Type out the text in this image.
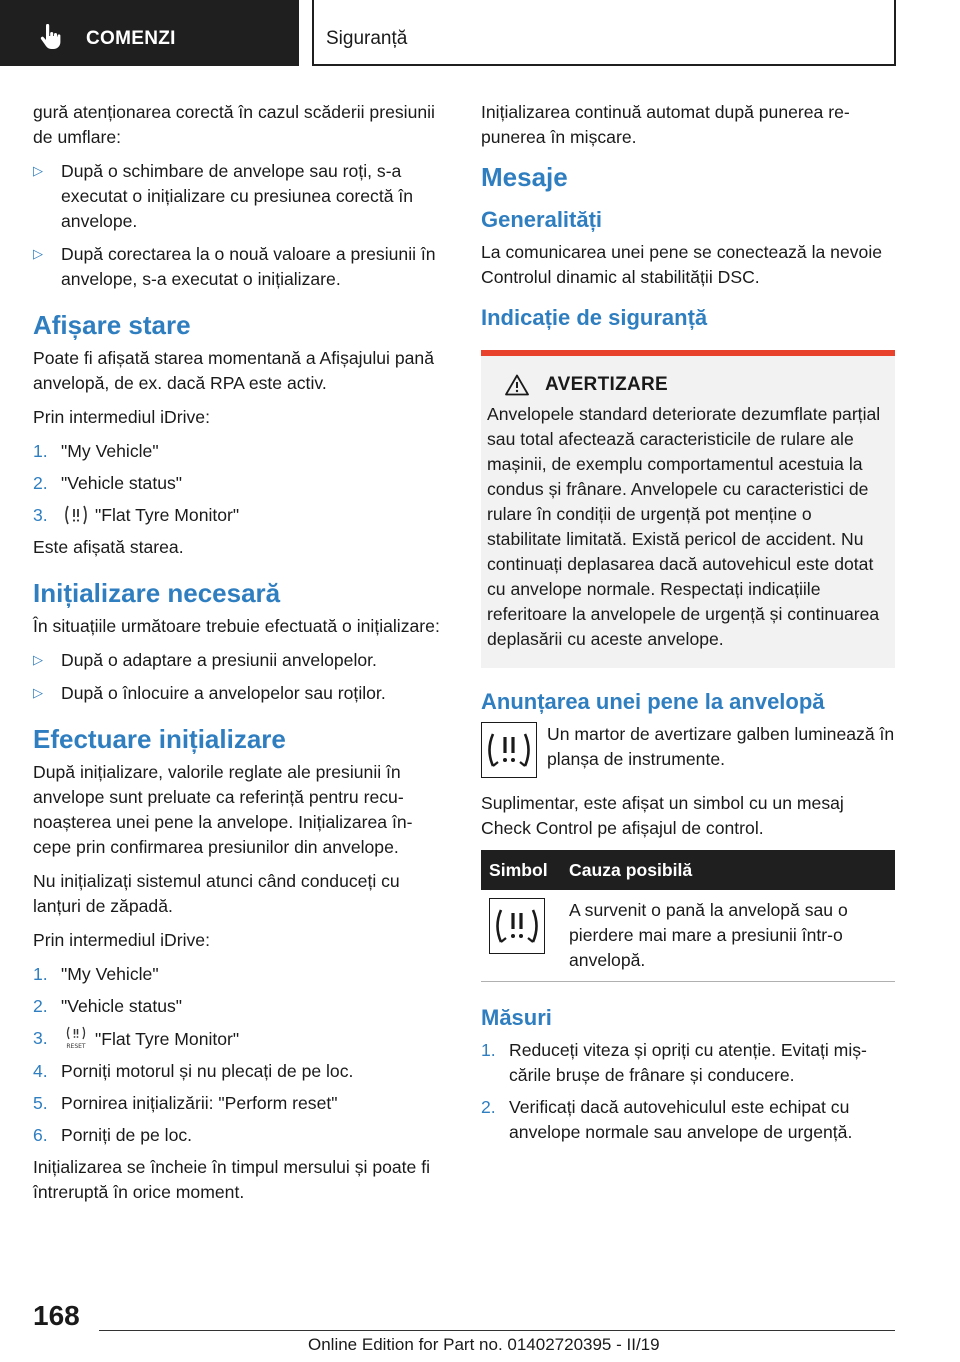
COMENZI	Siguranță

gură atenționarea corectă în cazul scăderii presiunii de umflare:

▷ După o schimbare de anvelope sau roți, s-a executat o inițializare cu presiunea corectă în anvelope.
▷ După corectarea la o nouă valoare a presiunii în anvelope, s-a executat o inițializare.
Afișare stare

Poate fi afișată starea momentană a Afișajului pană anvelopă, de ex. dacă RPA este activ.

Prin intermediul iDrive:

1. "My Vehicle"
2. "Vehicle status"
3.	"Flat Tyre Monitor"

Este afișată starea.

Inițializare necesară

În situațiile următoare trebuie efectuată o inițializare:

▷ După o adaptare a presiunii anvelopelor.
▷ După o înlocuire a anvelopelor sau roților.
Efectuare inițializare

După inițializare, valorile reglate ale presiunii în anvelope sunt preluate ca referință pentru recunoașterea unei pene la anvelope. Inițializarea începe prin confirmarea presiunilor din anvelope.

Nu inițializați sistemul atunci când conduceți cu lanțuri de zăpadă.

Prin intermediul iDrive:

1. "My Vehicle"
2. "Vehicle status"
3.	RESET "Flat Tyre Monitor"
4. Porniți motorul și nu plecați de pe loc.
5. Pornirea inițializării: "Perform reset"
6. Porniți de pe loc.

Inițializarea se încheie în timpul mersului și poate fi întreruptă în orice moment.

Inițializarea continuă automat după punerea repunerea în mișcare.

Mesaje
Generalități

La comunicarea unei pene se conectează la nevoie Controlul dinamic al stabilității DSC.

Indicație de siguranță
AVERTIZARE

Anvelopele standard deteriorate dezumflate parțial sau total afectează caracteristicile de rulare ale mașinii, de exemplu comportamentul acestuia la condus și frânare. Anvelopele cu caracteristici de rulare în condiții de urgență pot menține o stabilitate limitată. Există pericol de accident. Nu continuați deplasarea dacă autovehicul este dotat cu anvelope normale. Respectați indicațiile referitoare la anvelopele de urgență și continuarea deplasării cu aceste anvelope.

Anunțarea unei pene la anvelopă

Un martor de avertizare galben luminează în planșa de instrumente.

Suplimentar, este afișat un simbol cu un mesaj Check Control pe afișajul de control.

Simbol	Cauza posibilă
	A survenit o pană la anvelopă sau o pierdere mai mare a presiunii într-o anvelopă.
Măsuri
1. Reduceți viteza și opriți cu atenție. Evitați mișcările brușe de frânare și conducere.
2. Verificați dacă autovehiculul este echipat cu anvelope normale sau anvelope de urgență.
168
Online Edition for Part no. 01402720395 - II/19
